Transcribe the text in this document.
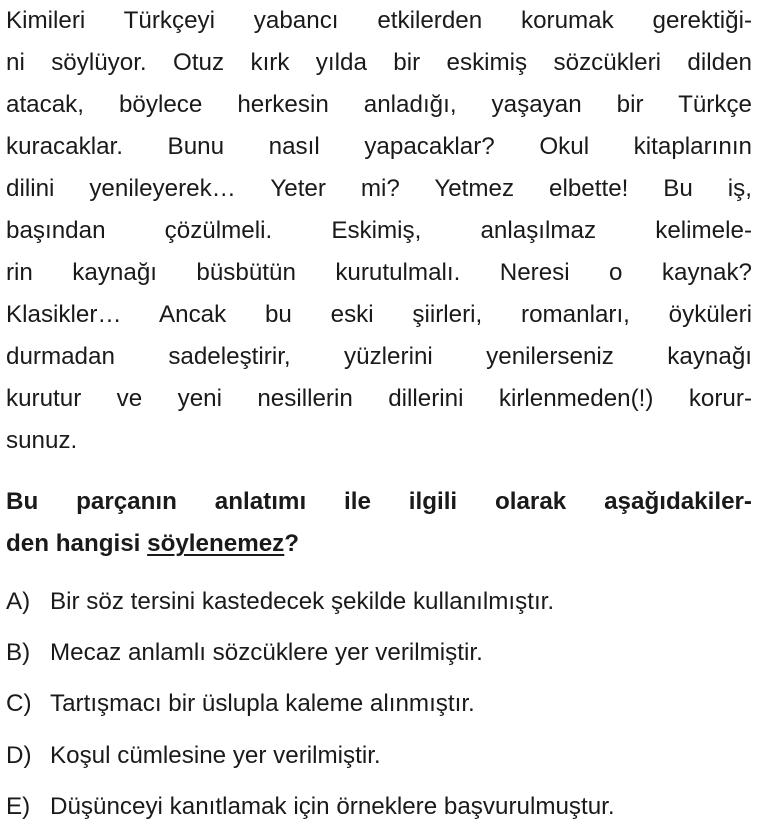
Kimileri Türkçeyi yabancı etkilerden korumak gerektiği-
ni söylüyor. Otuz kırk yılda bir eskimiş sözcükleri dilden
atacak, böylece herkesin anladığı, yaşayan bir Türkçe
kuracaklar. Bunu nasıl yapacaklar? Okul kitaplarının
dilini yenileyerek… Yeter mi? Yetmez elbette! Bu iş,
başından çözülmeli. Eskimiş, anlaşılmaz kelimele-
rin kaynağı büsbütün kurutulmalı. Neresi o kaynak?
Klasikler… Ancak bu eski şiirleri, romanları, öyküleri
durmadan sadeleştirir, yüzlerini yenilerseniz kaynağı
kurutur ve yeni nesillerin dillerini kirlenmeden(!) korur-
sunuz.
Bu parçanın anlatımı ile ilgili olarak aşağıdakiler-
den hangisi söylenemez?
A) Bir söz tersini kastedecek şekilde kullanılmıştır.
B) Mecaz anlamlı sözcüklere yer verilmiştir.
C) Tartışmacı bir üslupla kaleme alınmıştır.
D) Koşul cümlesine yer verilmiştir.
E) Düşünceyi kanıtlamak için örneklere başvurulmuştur.
